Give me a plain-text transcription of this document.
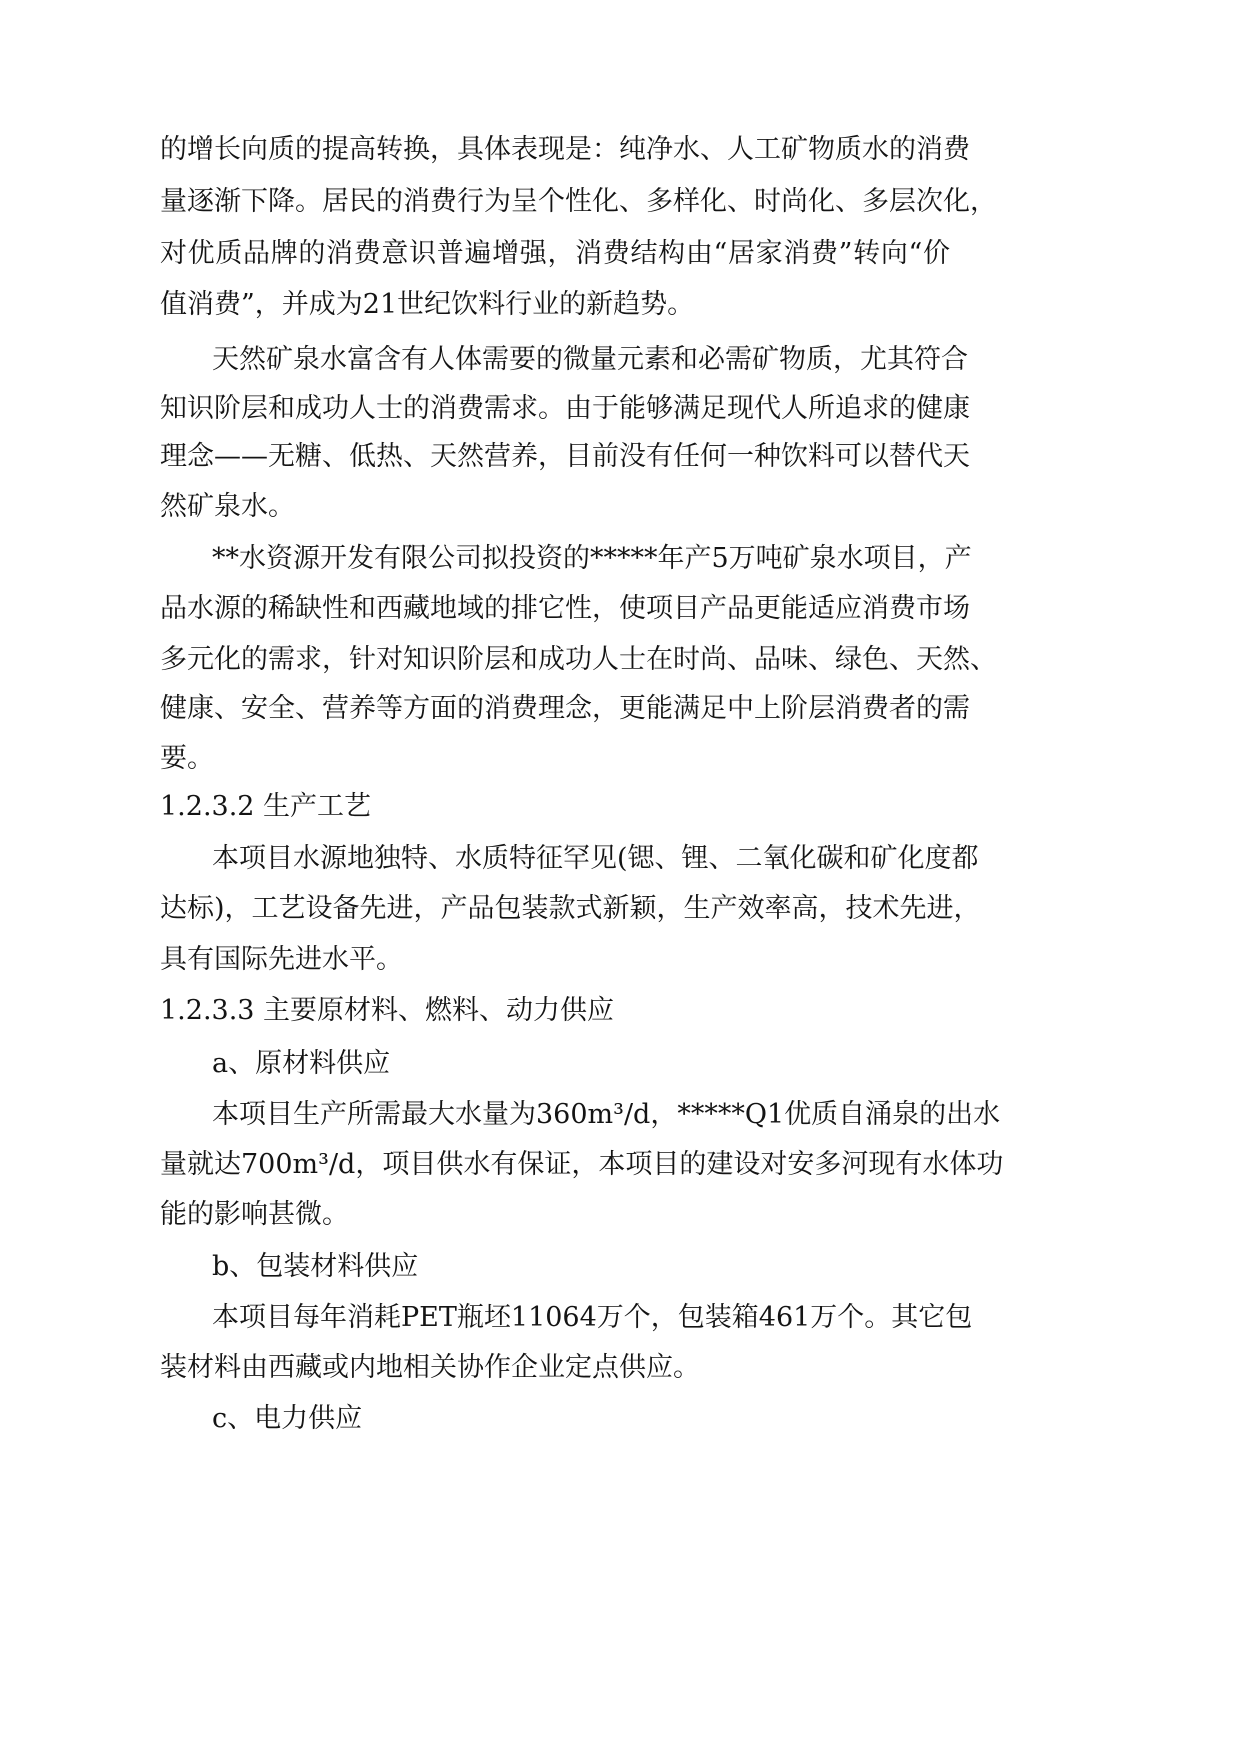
的增长向质的提高转换，具体表现是：纯净水、人工矿物质水的消费
量逐渐下降。居民的消费行为呈个性化、多样化、时尚化、多层次化，
对优质品牌的消费意识普遍增强，消费结构由“居家消费”转向“价
值消费”，并成为21世纪饮料行业的新趋势。
天然矿泉水富含有人体需要的微量元素和必需矿物质，尤其符合
知识阶层和成功人士的消费需求。由于能够满足现代人所追求的健康
理念——无糖、低热、天然营养，目前没有任何一种饮料可以替代天
然矿泉水。
**水资源开发有限公司拟投资的*****年产5万吨矿泉水项目，产
品水源的稀缺性和西藏地域的排它性，使项目产品更能适应消费市场
多元化的需求，针对知识阶层和成功人士在时尚、品味、绿色、天然、
健康、安全、营养等方面的消费理念，更能满足中上阶层消费者的需
要。
1.2.3.2 生产工艺
本项目水源地独特、水质特征罕见(锶、锂、二氧化碳和矿化度都
达标)，工艺设备先进，产品包装款式新颖，生产效率高，技术先进，
具有国际先进水平。
1.2.3.3 主要原材料、燃料、动力供应
a、原材料供应
本项目生产所需最大水量为360m³/d，*****Q1优质自涌泉的出水
量就达700m³/d，项目供水有保证，本项目的建设对安多河现有水体功
能的影响甚微。
b、包装材料供应
本项目每年消耗PET瓶坯11064万个，包装箱461万个。其它包
装材料由西藏或内地相关协作企业定点供应。
c、电力供应
